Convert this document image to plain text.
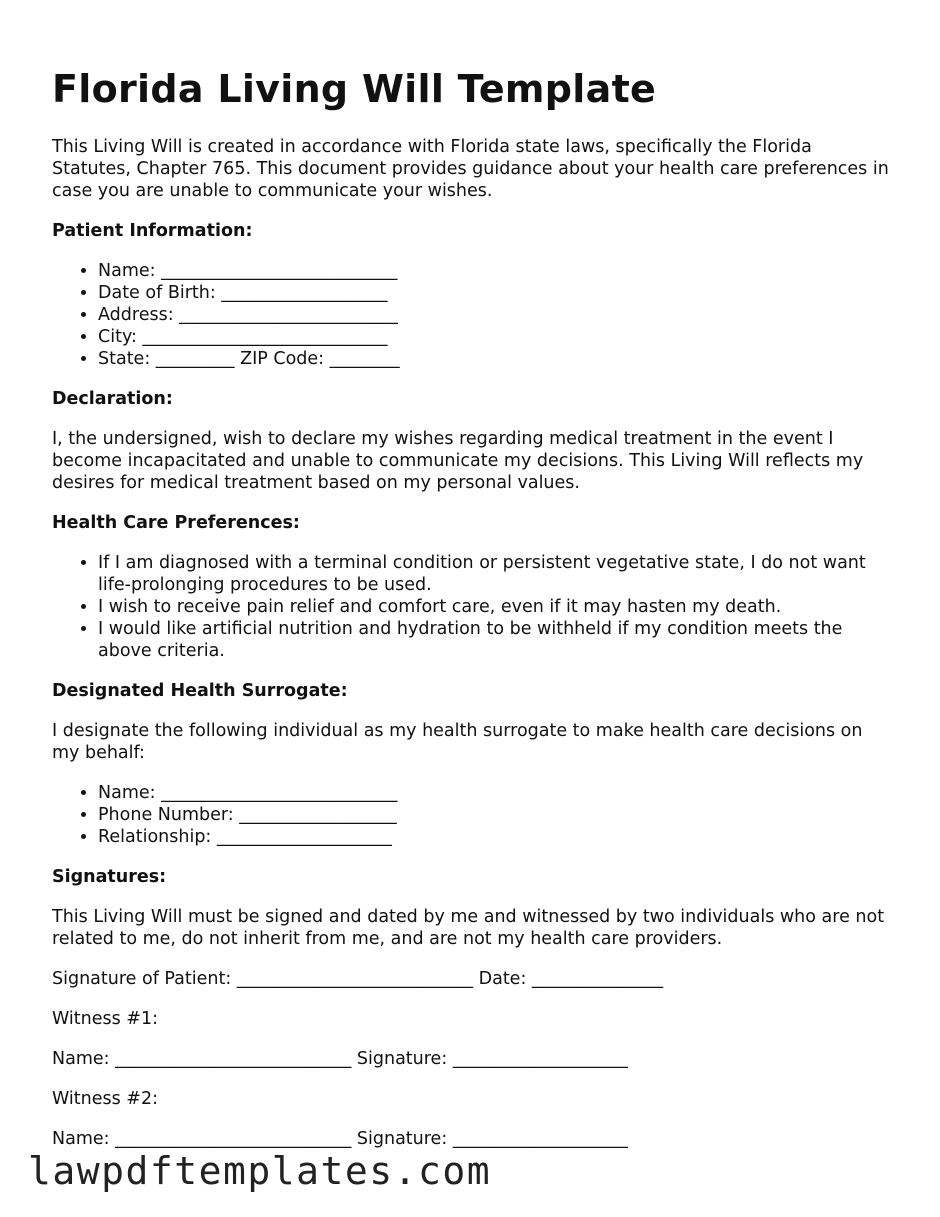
Florida Living Will Template

This Living Will is created in accordance with Florida state laws, specifically the Florida Statutes, Chapter 765. This document provides guidance about your health care preferences in case you are unable to communicate your wishes.

Patient Information:

• Name: ___________________________
• Date of Birth: ___________________
• Address: _________________________
• City: ____________________________
• State: _________ ZIP Code: ________

Declaration:

I, the undersigned, wish to declare my wishes regarding medical treatment in the event I become incapacitated and unable to communicate my decisions. This Living Will reflects my desires for medical treatment based on my personal values.

Health Care Preferences:

• If I am diagnosed with a terminal condition or persistent vegetative state, I do not want life-prolonging procedures to be used.
• I wish to receive pain relief and comfort care, even if it may hasten my death.
• I would like artificial nutrition and hydration to be withheld if my condition meets the above criteria.

Designated Health Surrogate:

I designate the following individual as my health surrogate to make health care decisions on my behalf:

• Name: ___________________________
• Phone Number: __________________
• Relationship: ____________________

Signatures:

This Living Will must be signed and dated by me and witnessed by two individuals who are not related to me, do not inherit from me, and are not my health care providers.

Signature of Patient: ___________________________ Date: _______________

Witness #1:

Name: ___________________________ Signature: ____________________

Witness #2:

Name: ___________________________ Signature: ____________________

lawpdftemplates.com
